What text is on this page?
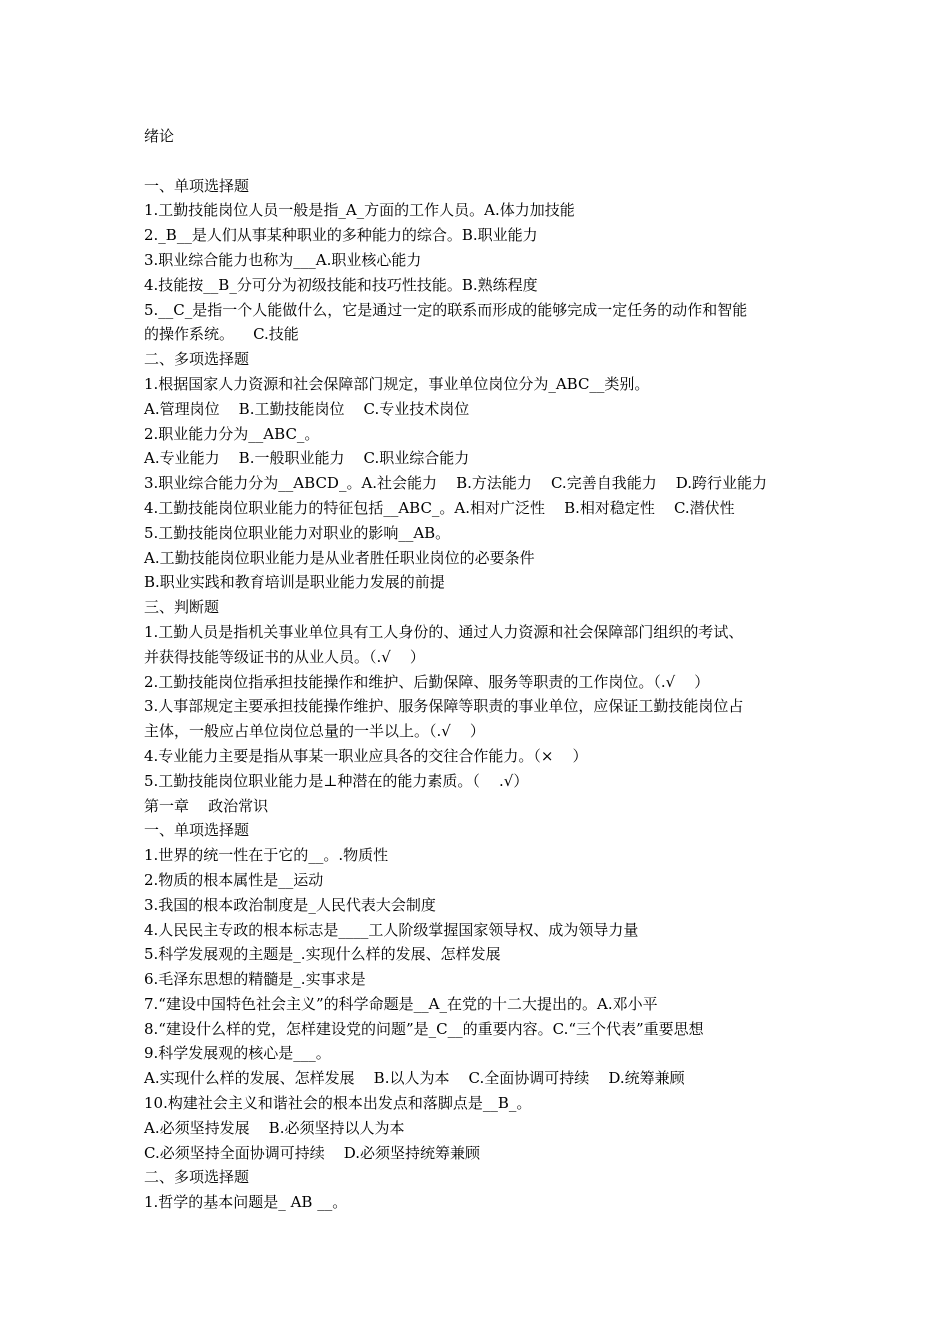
绪论
一、单项选择题
1.工勤技能岗位人员一般是指_A_方面的工作人员。A.体力加技能
2._B__是人们从事某种职业的多种能力的综合。B.职业能力
3.职业综合能力也称为___A.职业核心能力
4.技能按__B_分可分为初级技能和技巧性技能。B.熟练程度
5.__C_是指一个人能做什么，它是通过一定的联系而形成的能够完成一定任务的动作和智能
的操作系统。    C.技能
二、多项选择题
1.根据国家人力资源和社会保障部门规定，事业单位岗位分为_ABC__类别。
A.管理岗位    B.工勤技能岗位    C.专业技术岗位
2.职业能力分为__ABC_。
A.专业能力    B.一般职业能力    C.职业综合能力
3.职业综合能力分为__ABCD_。A.社会能力    B.方法能力    C.完善自我能力    D.跨行业能力
4.工勤技能岗位职业能力的特征包括__ABC_。A.相对广泛性    B.相对稳定性    C.潜伏性
5.工勤技能岗位职业能力对职业的影响__AB。
A.工勤技能岗位职业能力是从业者胜任职业岗位的必要条件
B.职业实践和教育培训是职业能力发展的前提
三、判断题
1.工勤人员是指机关事业单位具有工人身份的、通过人力资源和社会保障部门组织的考试、
并获得技能等级证书的从业人员。（.√    ）
2.工勤技能岗位指承担技能操作和维护、后勤保障、服务等职责的工作岗位。（.√    ）
3.人事部规定主要承担技能操作维护、服务保障等职责的事业单位，应保证工勤技能岗位占
主体，一般应占单位岗位总量的一半以上。（.√    ）
4.专业能力主要是指从事某一职业应具各的交往合作能力。（×    ）
5.工勤技能岗位职业能力是⊥种潜在的能力素质。（    .√）
第一章    政治常识
一、单项选择题
1.世界的统一性在于它的__。.物质性
2.物质的根本属性是__运动
3.我国的根本政治制度是_人民代表大会制度
4.人民民主专政的根本标志是____工人阶级掌握国家领导权、成为领导力量
5.科学发展观的主题是_.实现什么样的发展、怎样发展
6.毛泽东思想的精髓是_.实事求是
7.“建设中国特色社会主义”的科学命题是__A_在党的十二大提出的。A.邓小平
8.“建设什么样的党，怎样建设党的问题”是_C__的重要内容。C.“三个代表”重要思想
9.科学发展观的核心是___。
A.实现什么样的发展、怎样发展    B.以人为本    C.全面协调可持续    D.统筹兼顾
10.构建社会主义和谐社会的根本出发点和落脚点是__B_。
A.必须坚持发展    B.必须坚持以人为本
C.必须坚持全面协调可持续    D.必须坚持统筹兼顾
二、多项选择题
1.哲学的基本问题是_ AB __。
